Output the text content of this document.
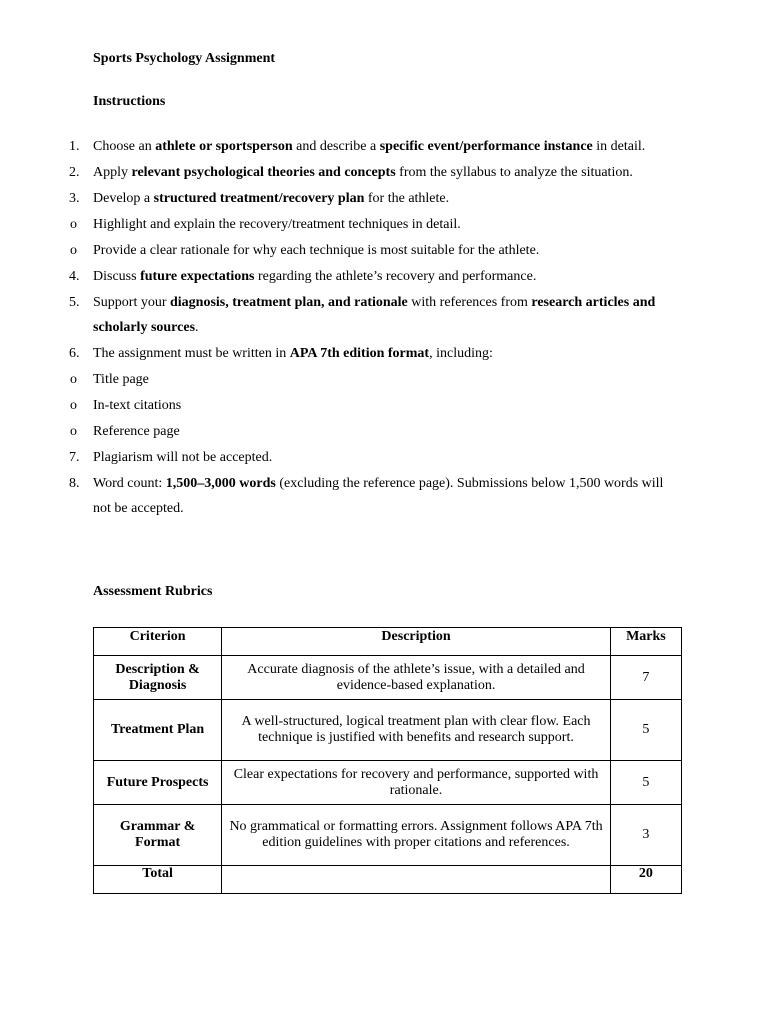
Sports Psychology Assignment
Instructions
1. Choose an athlete or sportsperson and describe a specific event/performance instance in detail.
2. Apply relevant psychological theories and concepts from the syllabus to analyze the situation.
3. Develop a structured treatment/recovery plan for the athlete.
o Highlight and explain the recovery/treatment techniques in detail.
o Provide a clear rationale for why each technique is most suitable for the athlete.
4. Discuss future expectations regarding the athlete’s recovery and performance.
5. Support your diagnosis, treatment plan, and rationale with references from research articles and scholarly sources.
6. The assignment must be written in APA 7th edition format, including:
o Title page
o In-text citations
o Reference page
7. Plagiarism will not be accepted.
8. Word count: 1,500–3,000 words (excluding the reference page). Submissions below 1,500 words will not be accepted.
Assessment Rubrics
Criterion	Description	Marks
Description & Diagnosis	Accurate diagnosis of the athlete’s issue, with a detailed and evidence-based explanation.	7
Treatment Plan	A well-structured, logical treatment plan with clear flow. Each technique is justified with benefits and research support.	5
Future Prospects	Clear expectations for recovery and performance, supported with rationale.	5
Grammar & Format	No grammatical or formatting errors. Assignment follows APA 7th edition guidelines with proper citations and references.	3
Total		20
